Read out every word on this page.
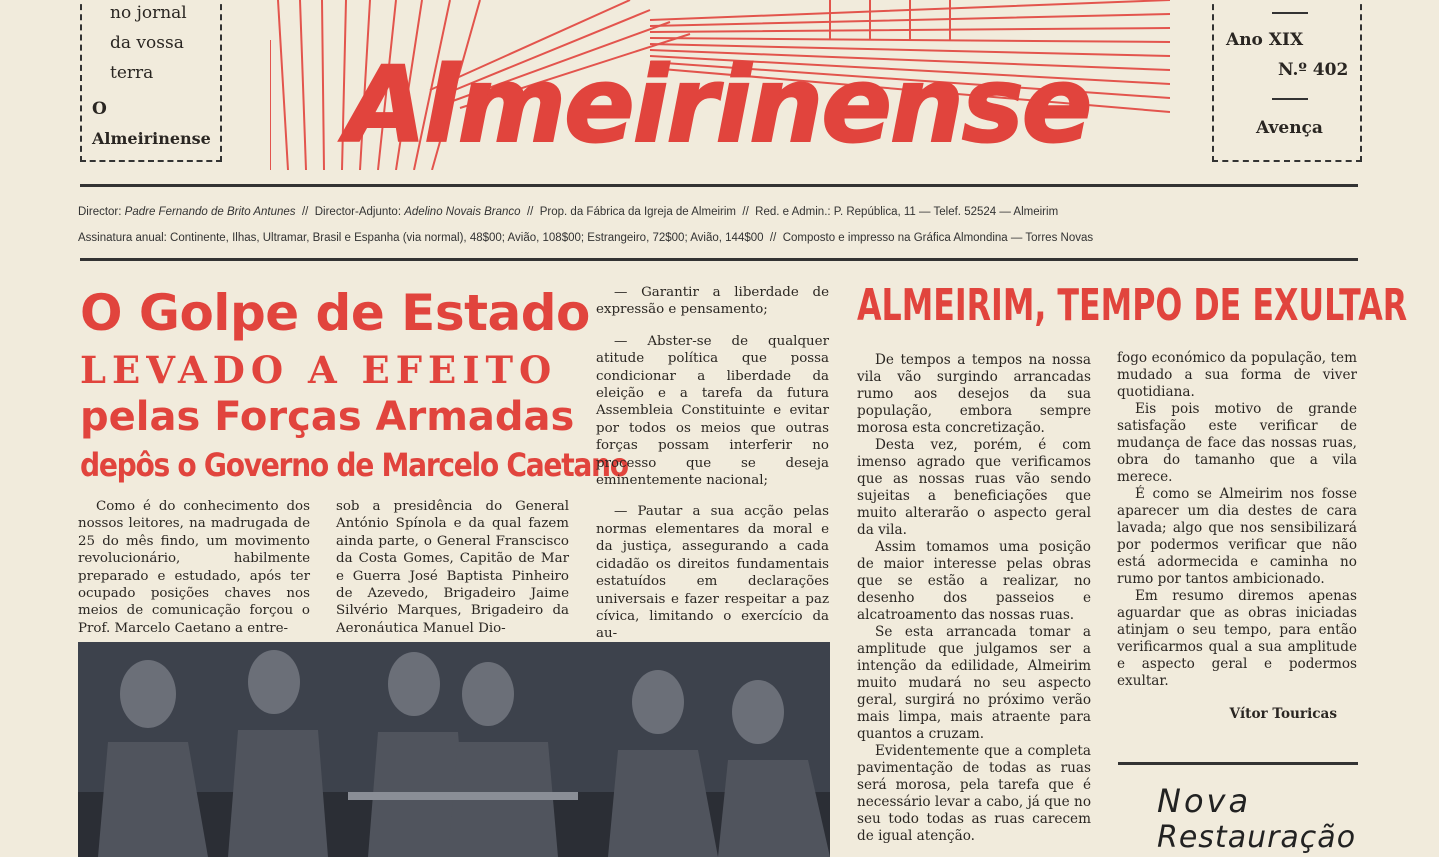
no jornal
da vossa
terra
O
Almeirinense	Almeirinense
Ano XIX
N.º 402
Avença
Director: Padre Fernando de Brito Antunes  //  Director-Adjunto: Adelino Novais Branco  //  Prop. da Fábrica da Igreja de Almeirim  //  Red. e Admin.: P. República, 11 — Telef. 52524 — Almeirim
Assinatura anual: Continente, Ilhas, Ultramar, Brasil e Espanha (via normal), 48$00; Avião, 108$00; Estrangeiro, 72$00; Avião, 144$00  //  Composto e impresso na Gráfica Almondina — Torres Novas
O Golpe de Estado
LEVADO A EFEITO
pelas Forças Armadas
depôs o Governo de Marcelo Caetano

Como é do conhecimento dos nossos leitores, na madrugada de 25 do mês findo, um movimento revolucionário, habilmente preparado e estudado, após ter ocupado posições chaves nos meios de comunicação forçou o Prof. Marcelo Caetano a entre-

sob a presidência do General António Spínola e da qual fazem ainda parte, o General Franscisco da Costa Gomes, Capitão de Mar e Guerra José Baptista Pinheiro de Azevedo, Brigadeiro Jaime Silvério Marques, Brigadeiro da Aeronáutica Manuel Dio-

— Garantir a liberdade de expressão e pensamento;

— Abster-se de qualquer atitude política que possa condicionar a liberdade da eleição e a tarefa da futura Assembleia Constituinte e evitar por todos os meios que outras forças possam interferir no processo que se deseja eminentemente nacional;

— Pautar a sua acção pelas normas elementares da moral e da justiça, assegurando a cada cidadão os direitos fundamentais estatuídos em declarações universais e fazer respeitar a paz cívica, limitando o exercício da au-

ALMEIRIM, TEMPO DE EXULTAR

De tempos a tempos na nossa vila vão surgindo arrancadas rumo aos desejos da sua população, embora sempre morosa esta concretização.

Desta vez, porém, é com imenso agrado que verificamos que as nossas ruas vão sendo sujeitas a beneficiações que muito alterarão o aspecto geral da vila.

Assim tomamos uma posição de maior interesse pelas obras que se estão a realizar, no desenho dos passeios e alcatroamento das nossas ruas.

Se esta arrancada tomar a amplitude que julgamos ser a intenção da edilidade, Almeirim muito mudará no seu aspecto geral, surgirá no próximo verão mais limpa, mais atraente para quantos a cruzam.

Evidentemente que a completa pavimentação de todas as ruas será morosa, pela tarefa que é necessário levar a cabo, já que no seu todo todas as ruas carecem de igual atenção.

fogo económico da população, tem mudado a sua forma de viver quotidiana.

Eis pois motivo de grande satisfação este verificar de mudança de face das nossas ruas, obra do tamanho que a vila merece.

É como se Almeirim nos fosse aparecer um dia destes de cara lavada; algo que nos sensibilizará por podermos verificar que não está adormecida e caminha no rumo por tantos ambicionado.

Em resumo diremos apenas aguardar que as obras iniciadas atinjam o seu tempo, para então verificarmos qual a sua amplitude e aspecto geral e podermos exultar.

Vítor Touricas

Nova
Restauração
